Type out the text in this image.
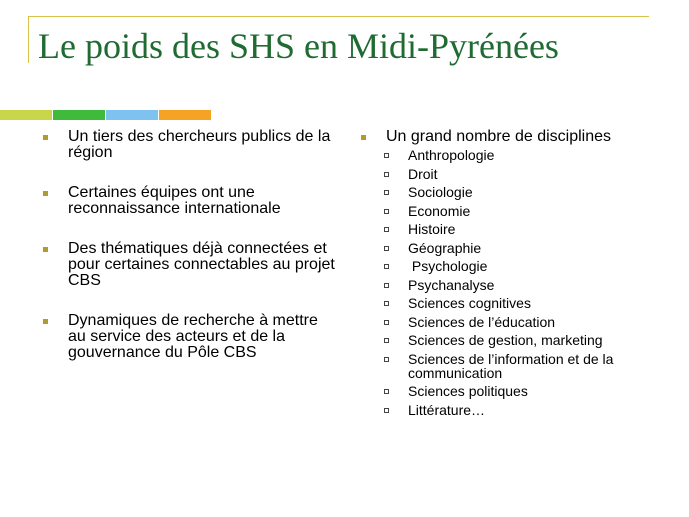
Le poids des SHS en Midi-Pyrénées
Un tiers des chercheurs publics de la région
Certaines équipes ont une reconnaissance internationale
Des thématiques déjà connectées et pour certaines connectables au projet CBS
Dynamiques de recherche à mettre au service des acteurs et de la gouvernance du Pôle CBS
Un grand nombre de disciplines
Anthropologie
Droit
Sociologie
Economie
Histoire
Géographie
Psychologie
Psychanalyse
Sciences cognitives
Sciences de l’éducation
Sciences de gestion, marketing
Sciences de l’information et de la communication
Sciences politiques
Littérature…
